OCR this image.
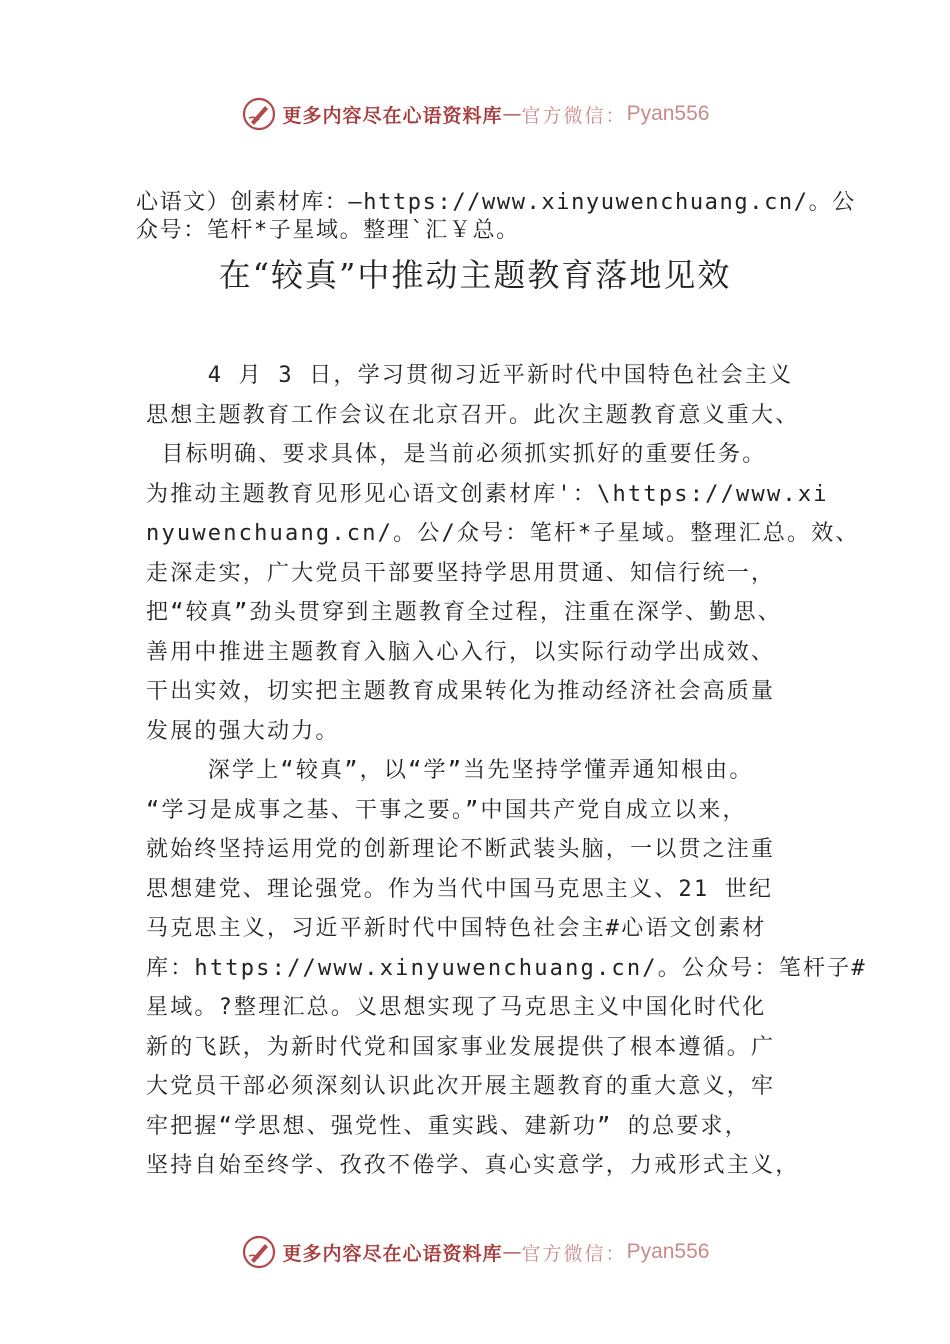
更多内容尽在心语资料库 — 官方微信： Pyan556
心语文）创素材库：—https://www.xinyuwenchuang.cn/。公
众号：笔杆*子星域。整理`汇￥总。
在“较真”中推动主题教育落地见效
4 月 3 日，学习贯彻习近平新时代中国特色社会主义
思想主题教育工作会议在北京召开。此次主题教育意义重大、
目标明确、要求具体，是当前必须抓实抓好的重要任务。
为推动主题教育见形见心语文创素材库'：\https://www.xi
nyuwenchuang.cn/。公/众号：笔杆*子星域。整理汇总。效、
走深走实，广大党员干部要坚持学思用贯通、知信行统一，
把“较真”劲头贯穿到主题教育全过程，注重在深学、勤思、
善用中推进主题教育入脑入心入行，以实际行动学出成效、
干出实效，切实把主题教育成果转化为推动经济社会高质量
发展的强大动力。
深学上“较真”，以“学”当先坚持学懂弄通知根由。
“学习是成事之基、干事之要。”中国共产党自成立以来，
就始终坚持运用党的创新理论不断武装头脑，一以贯之注重
思想建党、理论强党。作为当代中国马克思主义、21 世纪
马克思主义，习近平新时代中国特色社会主#心语文创素材
库：https://www.xinyuwenchuang.cn/。公众号：笔杆子#
星域。?整理汇总。义思想实现了马克思主义中国化时代化
新的飞跃，为新时代党和国家事业发展提供了根本遵循。广
大党员干部必须深刻认识此次开展主题教育的重大意义，牢
牢把握“学思想、强党性、重实践、建新功” 的总要求，
坚持自始至终学、孜孜不倦学、真心实意学，力戒形式主义，
更多内容尽在心语资料库 — 官方微信： Pyan556
